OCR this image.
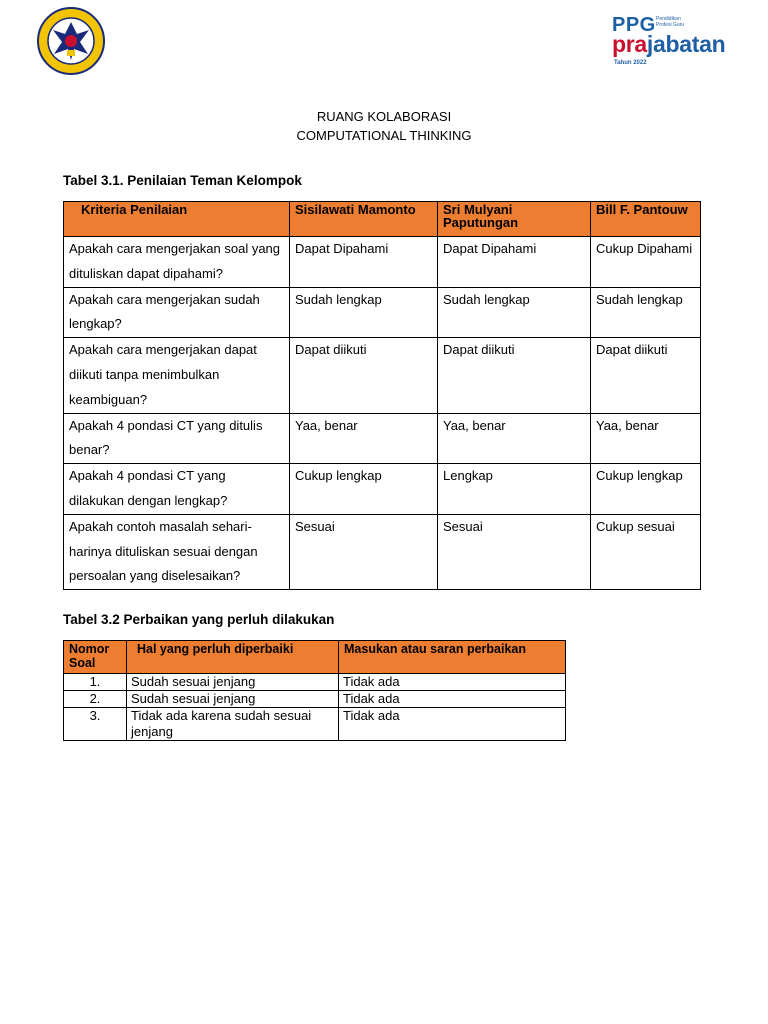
PPG Pendidikan Profesi Guru
prajabatan
Tahun 2022
RUANG KOLABORASI
COMPUTATIONAL THINKING
Tabel 3.1. Penilaian Teman Kelompok
Kriteria Penilaian	Sisilawati Mamonto	Sri Mulyani Paputungan	Bill F. Pantouw
Apakah cara mengerjakan soal yang dituliskan dapat dipahami?	Dapat Dipahami	Dapat Dipahami	Cukup Dipahami
Apakah cara mengerjakan sudah lengkap?	Sudah lengkap	Sudah lengkap	Sudah lengkap
Apakah cara mengerjakan dapat diikuti tanpa menimbulkan keambiguan?	Dapat diikuti	Dapat diikuti	Dapat diikuti
Apakah 4 pondasi CT yang ditulis benar?	Yaa, benar	Yaa, benar	Yaa, benar
Apakah 4 pondasi CT yang dilakukan dengan lengkap?	Cukup lengkap	Lengkap	Cukup lengkap
Apakah contoh masalah sehari-harinya dituliskan sesuai dengan persoalan yang diselesaikan?	Sesuai	Sesuai	Cukup sesuai
Tabel 3.2 Perbaikan yang perluh dilakukan
Nomor Soal	Hal yang perluh diperbaiki	Masukan atau saran perbaikan
1.	Sudah sesuai jenjang	Tidak ada
2.	Sudah sesuai jenjang	Tidak ada
3.	Tidak ada karena sudah sesuai jenjang	Tidak ada
